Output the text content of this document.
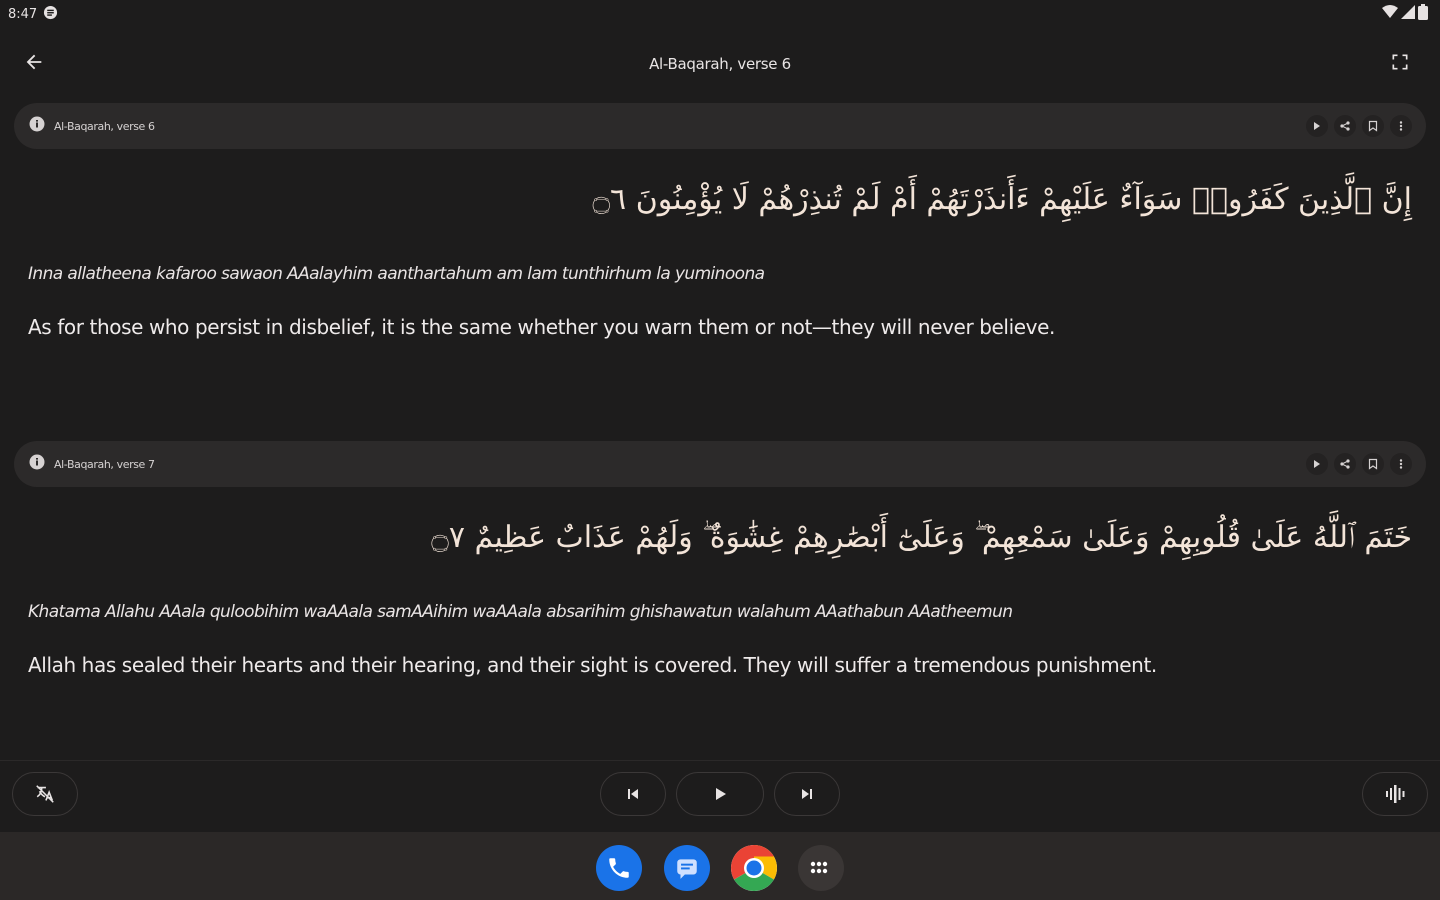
8:47
Al-Baqarah, verse 6
Al-Baqarah, verse 6
إِنَّ ٱلَّذِينَ كَفَرُوا۟ سَوَآءٌ عَلَيْهِمْ ءَأَنذَرْتَهُمْ أَمْ لَمْ تُنذِرْهُمْ لَا يُؤْمِنُونَ ۝٦
Inna allatheena kafaroo sawaon AAalayhim aanthartahum am lam tunthirhum la yuminoona
As for those who persist in disbelief, it is the same whether you warn them or not—they will never believe.
Al-Baqarah, verse 7
خَتَمَ ٱللَّهُ عَلَىٰ قُلُوبِهِمْ وَعَلَىٰ سَمْعِهِمْ ۖ وَعَلَىٰٓ أَبْصَٰرِهِمْ غِشَٰوَةٌ ۖ وَلَهُمْ عَذَابٌ عَظِيمٌ ۝٧
Khatama Allahu AAala quloobihim waAAala samAAihim waAAala absarihim ghishawatun walahum AAathabun AAatheemun
Allah has sealed their hearts and their hearing, and their sight is covered. They will suffer a tremendous punishment.
